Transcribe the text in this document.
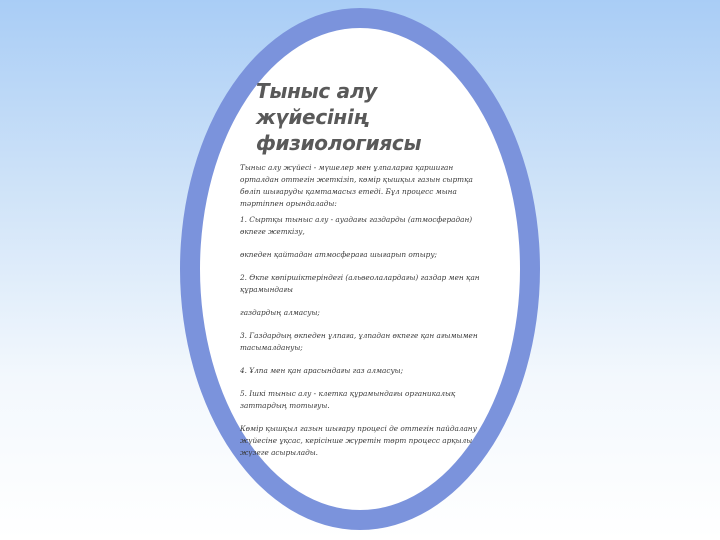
Тыныс алу жүйесінің
физиологиясы

Тыныс алу жүйесі - мүшелер мен ұлпаларға қаршиган орталдан оттегін жеткізіп, көмір қышқыл газын сыртқа бөліп шығаруды қамтамасыз етеді. Бұл процесс мына тәртіппен орындалады:

1. Сыртқы тыныс алу - ауадағы газдарды (атмосферадан) өкпеге жеткізу,

өкпеден қайтадан атмосфераға шығарып отыру;

2. Өкпе көпіршіктеріндегі (альвеолалардағы) газдар мен қан құрамындағы

газдардың алмасуы;

3. Газдардың өкпеден ұлпаға, ұлпадан өкпеге қан ағымымен тасымалдануы;

4. Ұлпа мен қан арасындағы газ алмасуы;

5. Ішкі тыныс алу - клетка құрамындағы органикалық заттардың тотығуы.

Көмір қышқыл газын шығару процесі де оттегін пайдалану жүйесіне ұқсас, керісінше жүретін төрт процесс арқылы жүзеге асырылады.
